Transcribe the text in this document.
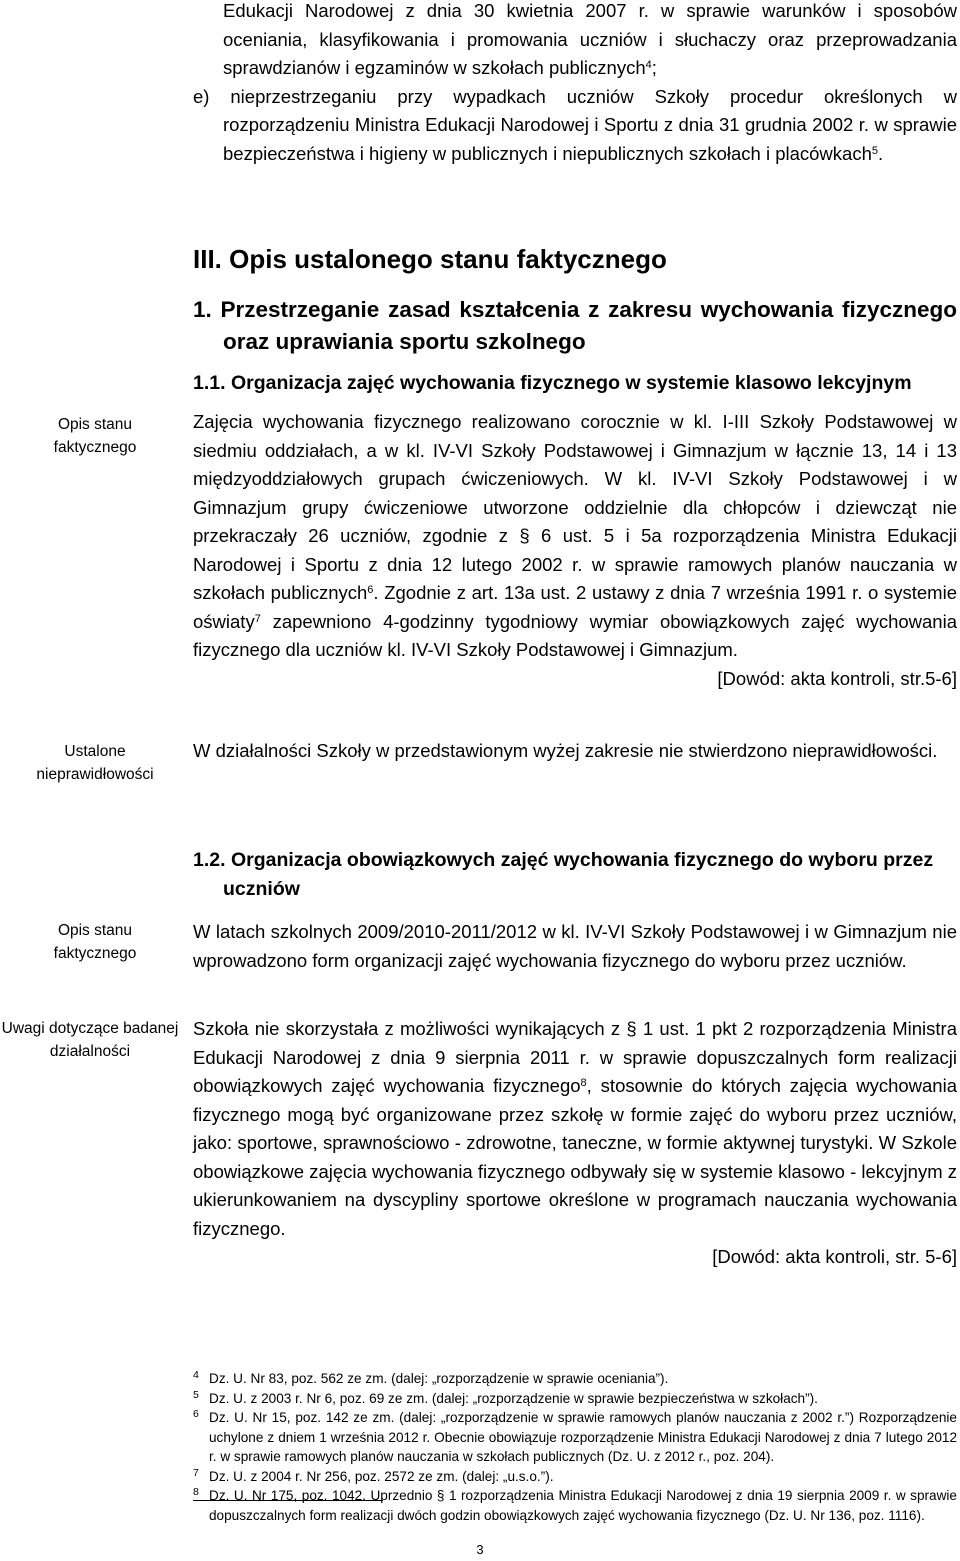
Edukacji Narodowej z dnia 30 kwietnia 2007 r. w sprawie warunków i sposobów oceniania, klasyfikowania i promowania uczniów i słuchaczy oraz przeprowadzania sprawdzianów i egzaminów w szkołach publicznych$^4$;
e) nieprzestrzeganiu przy wypadkach uczniów Szkoły procedur określonych w rozporządzeniu Ministra Edukacji Narodowej i Sportu z dnia 31 grudnia 2002 r. w sprawie bezpieczeństwa i higieny w publicznych i niepublicznych szkołach i placówkach$^5$.
III. Opis ustalonego stanu faktycznego
1. Przestrzeganie zasad kształcenia z zakresu wychowania fizycznego oraz uprawiania sportu szkolnego
1.1. Organizacja zajęć wychowania fizycznego w systemie klasowo lekcyjnym
Zajęcia wychowania fizycznego realizowano corocznie w kl. I-III Szkoły Podstawowej w siedmiu oddziałach, a w kl. IV-VI Szkoły Podstawowej i Gimnazjum w łącznie 13, 14 i 13 międzyoddziałowych grupach ćwiczeniowych. W kl. IV-VI Szkoły Podstawowej i w Gimnazjum grupy ćwiczeniowe utworzone oddzielnie dla chłopców i dziewcząt nie przekraczały 26 uczniów, zgodnie z § 6 ust. 5 i 5a rozporządzenia Ministra Edukacji Narodowej i Sportu z dnia 12 lutego 2002 r. w sprawie ramowych planów nauczania w szkołach publicznych$^6$. Zgodnie z art. 13a ust. 2 ustawy z dnia 7 września 1991 r. o systemie oświaty$^7$ zapewniono 4-godzinny tygodniowy wymiar obowiązkowych zajęć wychowania fizycznego dla uczniów kl. IV-VI Szkoły Podstawowej i Gimnazjum.
[Dowód: akta kontroli, str.5-6]
W działalności Szkoły w przedstawionym wyżej zakresie nie stwierdzono nieprawidłowości.
1.2. Organizacja obowiązkowych zajęć wychowania fizycznego do wyboru przez uczniów
W latach szkolnych 2009/2010-2011/2012 w kl. IV-VI Szkoły Podstawowej i w Gimnazjum nie wprowadzono form organizacji zajęć wychowania fizycznego do wyboru przez uczniów.
Szkoła nie skorzystała z możliwości wynikających z § 1 ust. 1 pkt 2 rozporządzenia Ministra Edukacji Narodowej z dnia 9 sierpnia 2011 r. w sprawie dopuszczalnych form realizacji obowiązkowych zajęć wychowania fizycznego$^8$, stosownie do których zajęcia wychowania fizycznego mogą być organizowane przez szkołę w formie zajęć do wyboru przez uczniów, jako: sportowe, sprawnościowo - zdrowotne, taneczne, w formie aktywnej turystyki. W Szkole obowiązkowe zajęcia wychowania fizycznego odbywały się w systemie klasowo - lekcyjnym z ukierunkowaniem na dyscypliny sportowe określone w programach nauczania wychowania fizycznego.
[Dowód: akta kontroli, str. 5-6]
Opis stanu faktycznego
Ustalone nieprawidłowości
Opis stanu faktycznego
Uwagi dotyczące badanej działalności
4 Dz. U. Nr 83, poz. 562 ze zm. (dalej: „rozporządzenie w sprawie oceniania”).
5 Dz. U. z 2003 r. Nr 6, poz. 69 ze zm. (dalej: „rozporządzenie w sprawie bezpieczeństwa w szkołach”).
6 Dz. U. Nr 15, poz. 142 ze zm. (dalej: „rozporządzenie w sprawie ramowych planów nauczania z 2002 r.”) Rozporządzenie uchylone z dniem 1 września 2012 r. Obecnie obowiązuje rozporządzenie Ministra Edukacji Narodowej z dnia 7 lutego 2012 r. w sprawie ramowych planów nauczania w szkołach publicznych (Dz. U. z 2012 r., poz. 204).
7 Dz. U. z 2004 r. Nr 256, poz. 2572 ze zm. (dalej: „u.s.o.”).
8 Dz. U. Nr 175, poz. 1042. Uprzednio § 1 rozporządzenia Ministra Edukacji Narodowej z dnia 19 sierpnia 2009 r. w sprawie dopuszczalnych form realizacji dwóch godzin obowiązkowych zajęć wychowania fizycznego (Dz. U. Nr 136, poz. 1116).
3
